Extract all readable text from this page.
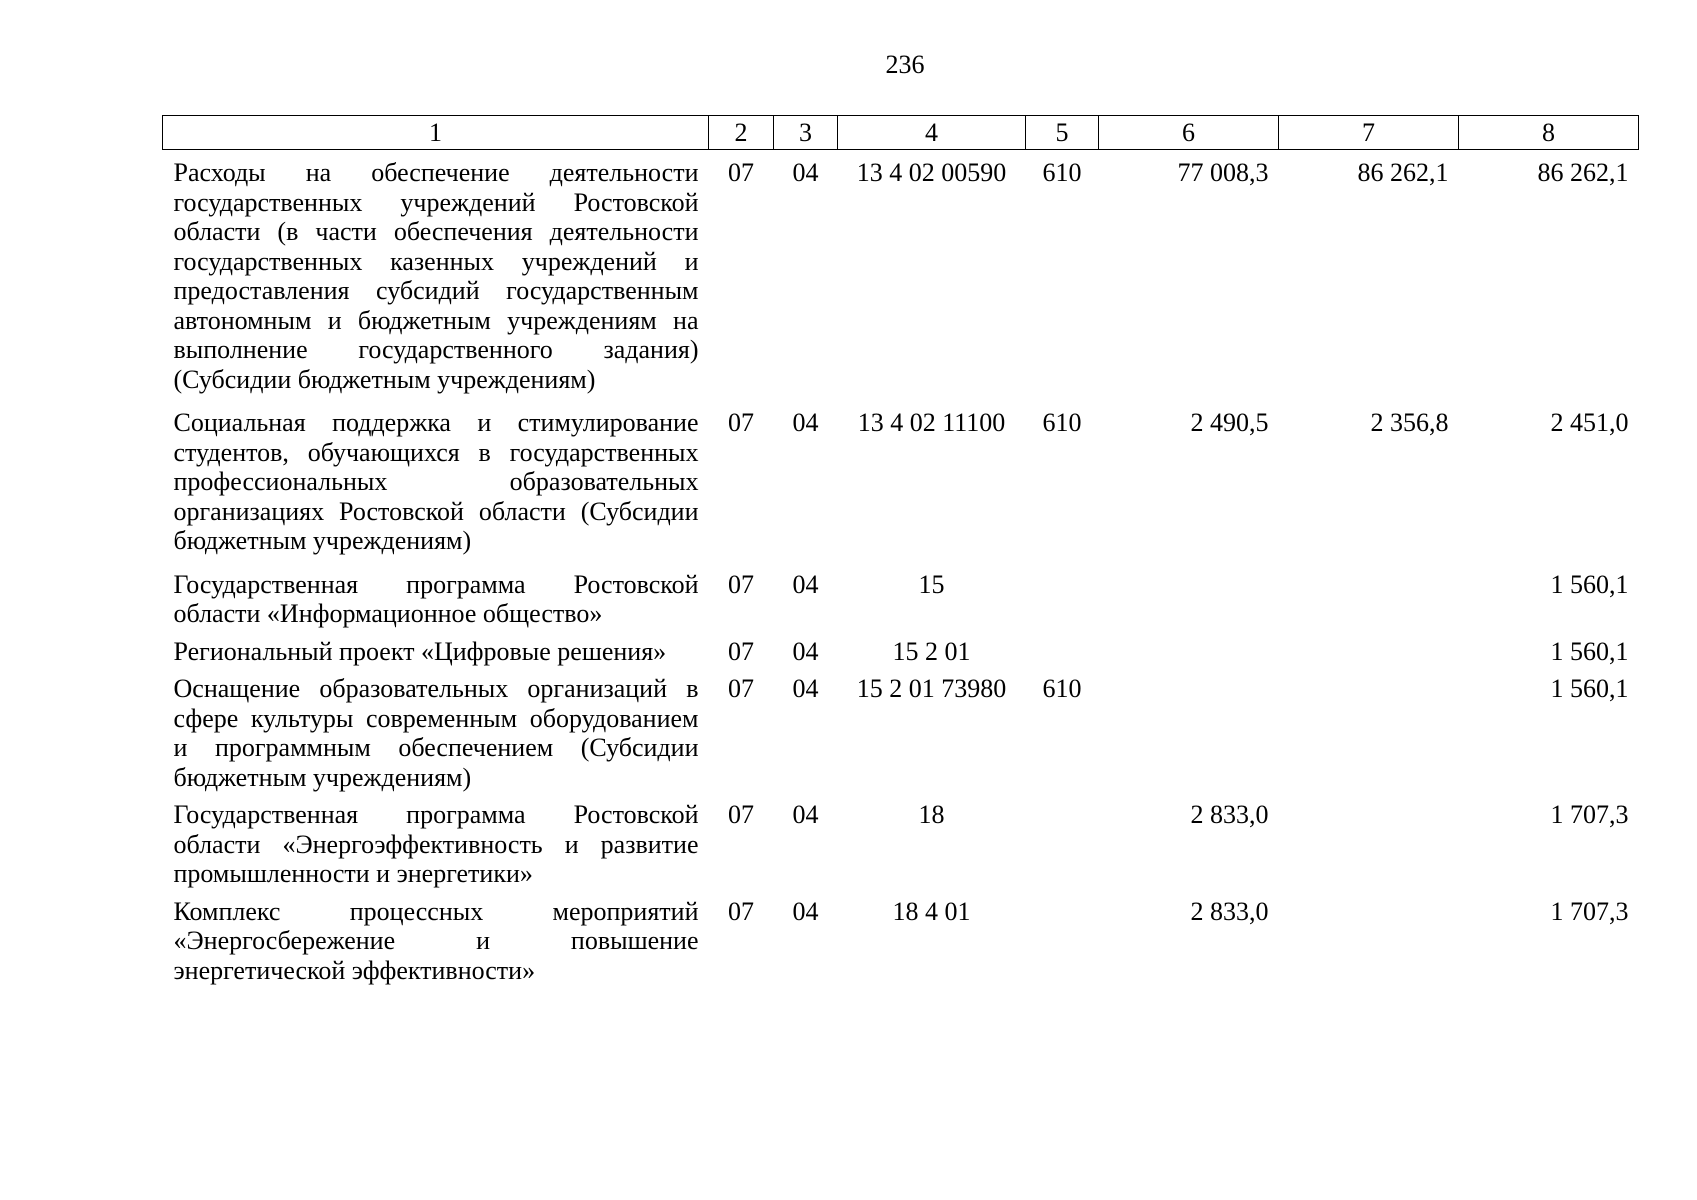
236
1	2	3	4	5	6	7	8
Расходы на обеспечение деятельности государственных учреждений Ростовской области (в части обеспечения деятельности государственных казенных учреждений и предоставления субсидий государственным автономным и бюджетным учреждениям на выполнение государственного задания) (Субсидии бюджетным учреждениям)	07	04	13 4 02 00590	610	77 008,3	86 262,1	86 262,1
Социальная поддержка и стимулирование студентов, обучающихся в государственных профессиональных образовательных организациях Ростовской области (Субсидии бюджетным учреждениям)	07	04	13 4 02 11100	610	2 490,5	2 356,8	2 451,0
Государственная программа Ростовской области «Информационное общество»	07	04	15				1 560,1
Региональный проект «Цифровые решения»	07	04	15 2 01				1 560,1
Оснащение образовательных организаций в сфере культуры современным оборудованием и программным обеспечением (Субсидии бюджетным учреждениям)	07	04	15 2 01 73980	610			1 560,1
Государственная программа Ростовской области «Энергоэффективность и развитие промышленности и энергетики»	07	04	18		2 833,0		1 707,3
Комплекс процессных мероприятий «Энергосбережение и повышение энергетической эффективности»	07	04	18 4 01		2 833,0		1 707,3
